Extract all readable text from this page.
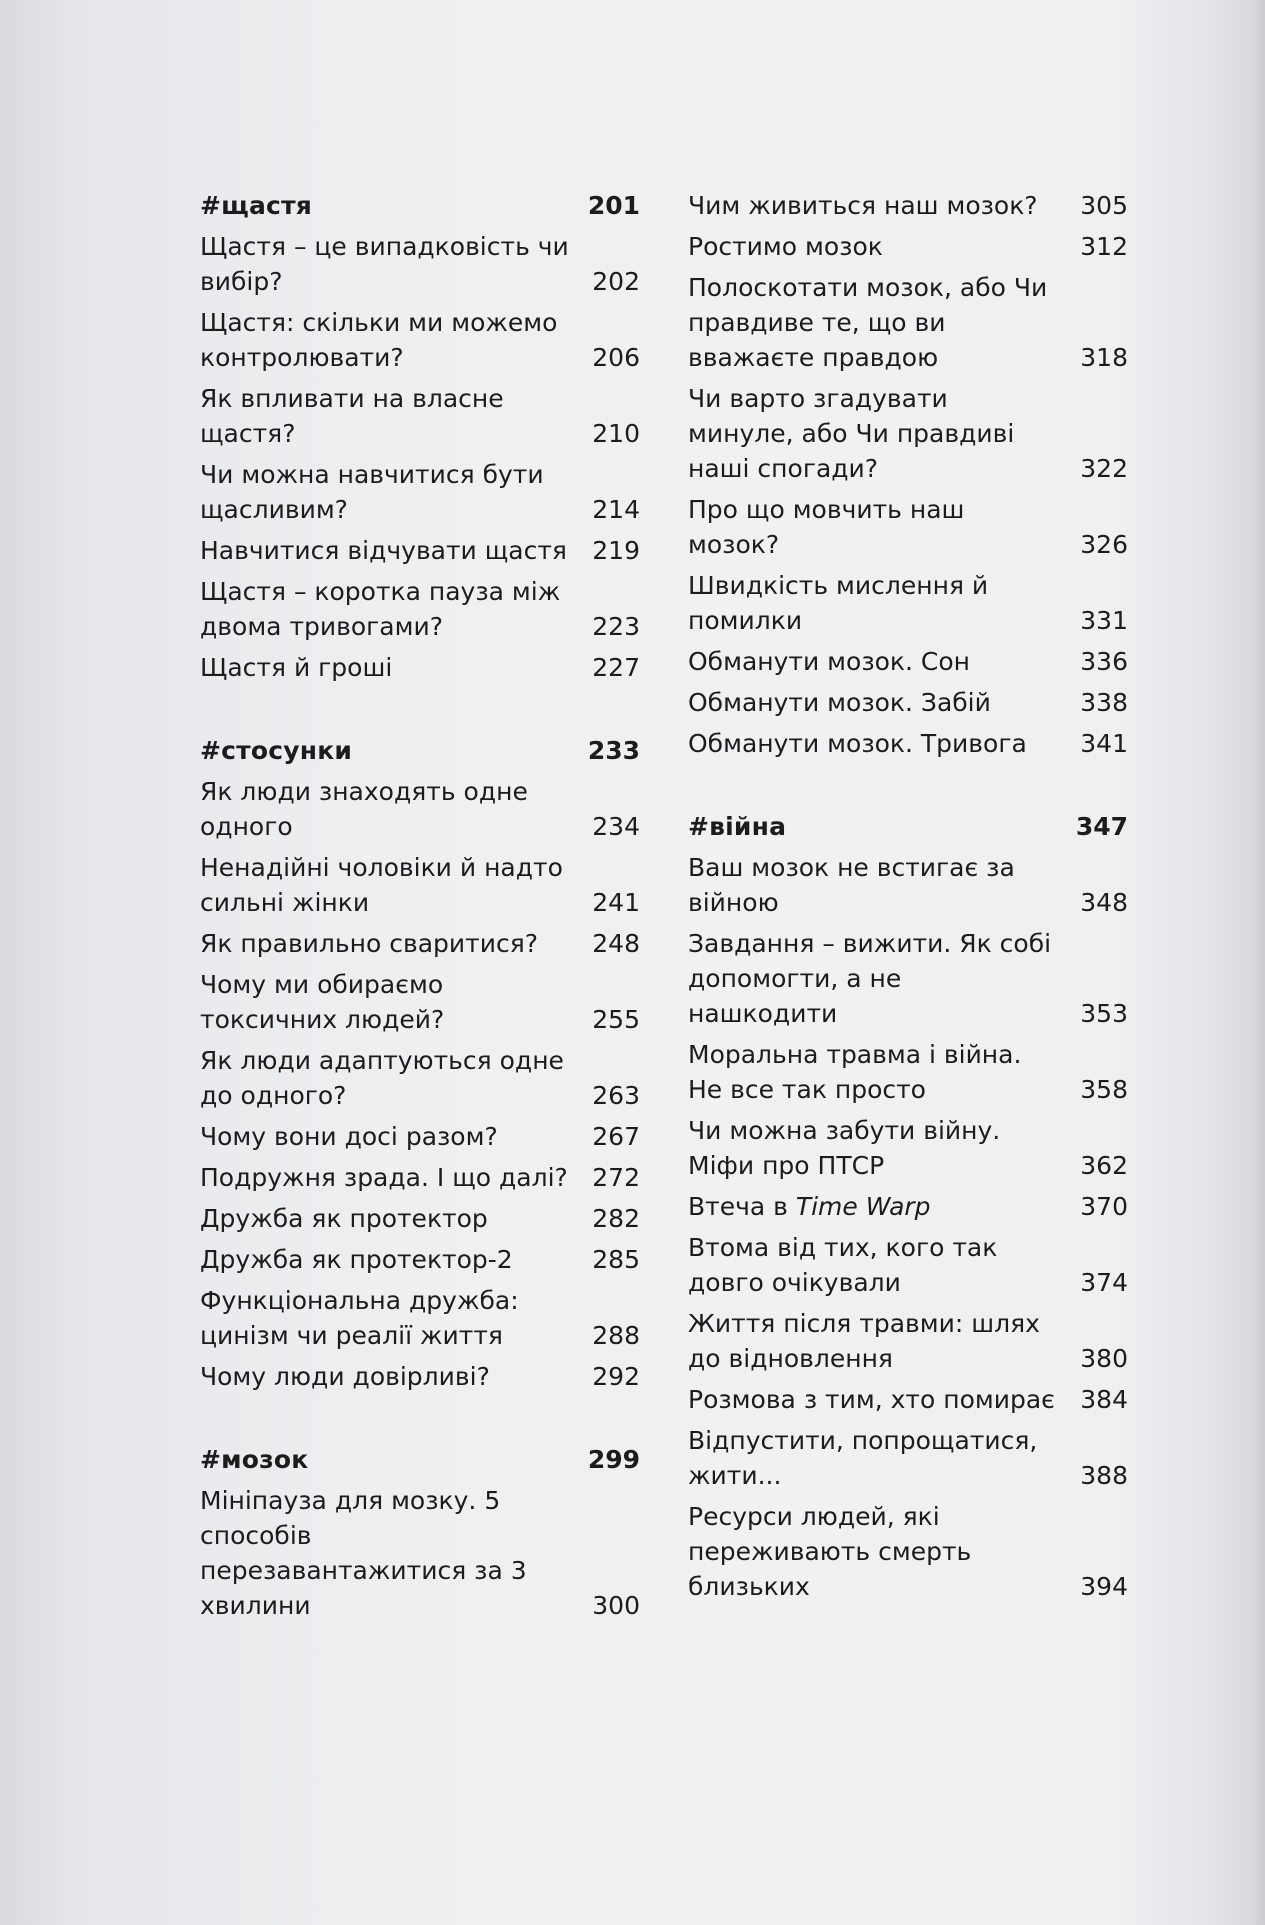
#щастя	201
Щастя – це випадковість чи вибір?	202
Щастя: скільки ми можемо контролювати?	206
Як впливати на власне щастя?	210
Чи можна навчитися бути щасливим?	214
Навчитися відчувати щастя	219
Щастя – коротка пауза між двома тривогами?	223
Щастя й гроші	227
#стосунки	233
Як люди знаходять одне одного	234
Ненадійні чоловіки й надто сильні жінки	241
Як правильно сваритися?	248
Чому ми обираємо токсичних людей?	255
Як люди адаптуються одне до одного?	263
Чому вони досі разом?	267
Подружня зрада. І що далі? 272
Дружба як протектор	282
Дружба як протектор-2	285
Функціональна дружба: цинізм чи реалії життя	288
Чому люди довірливі?	292
#мозок	299
Мініпауза для мозку. 5 способів перезавантажитися за 3 хвилини	300
Чим живиться наш мозок?	305
Ростимо мозок	312
Полоскотати мозок, або Чи правдиве те, що ви вважаєте правдою	318
Чи варто згадувати минуле, або Чи правдиві наші спогади?	322
Про що мовчить наш мозок?	326
Швидкість мислення й помилки	331
Обманути мозок. Сон	336
Обманути мозок. Забій	338
Обманути мозок. Тривога	341
#війна	347
Ваш мозок не встигає за війною	348
Завдання – вижити. Як собі допомогти, а не нашкодити	353
Моральна травма і війна. Не все так просто	358
Чи можна забути війну. Міфи про ПТСР	362
Втеча в Time Warp	370
Втома від тих, кого так довго очікували	374
Життя після травми: шлях до відновлення	380
Розмова з тим, хто помирає	384
Відпустити, попрощатися, жити...	388
Ресурси людей, які переживають смерть близьких	394
